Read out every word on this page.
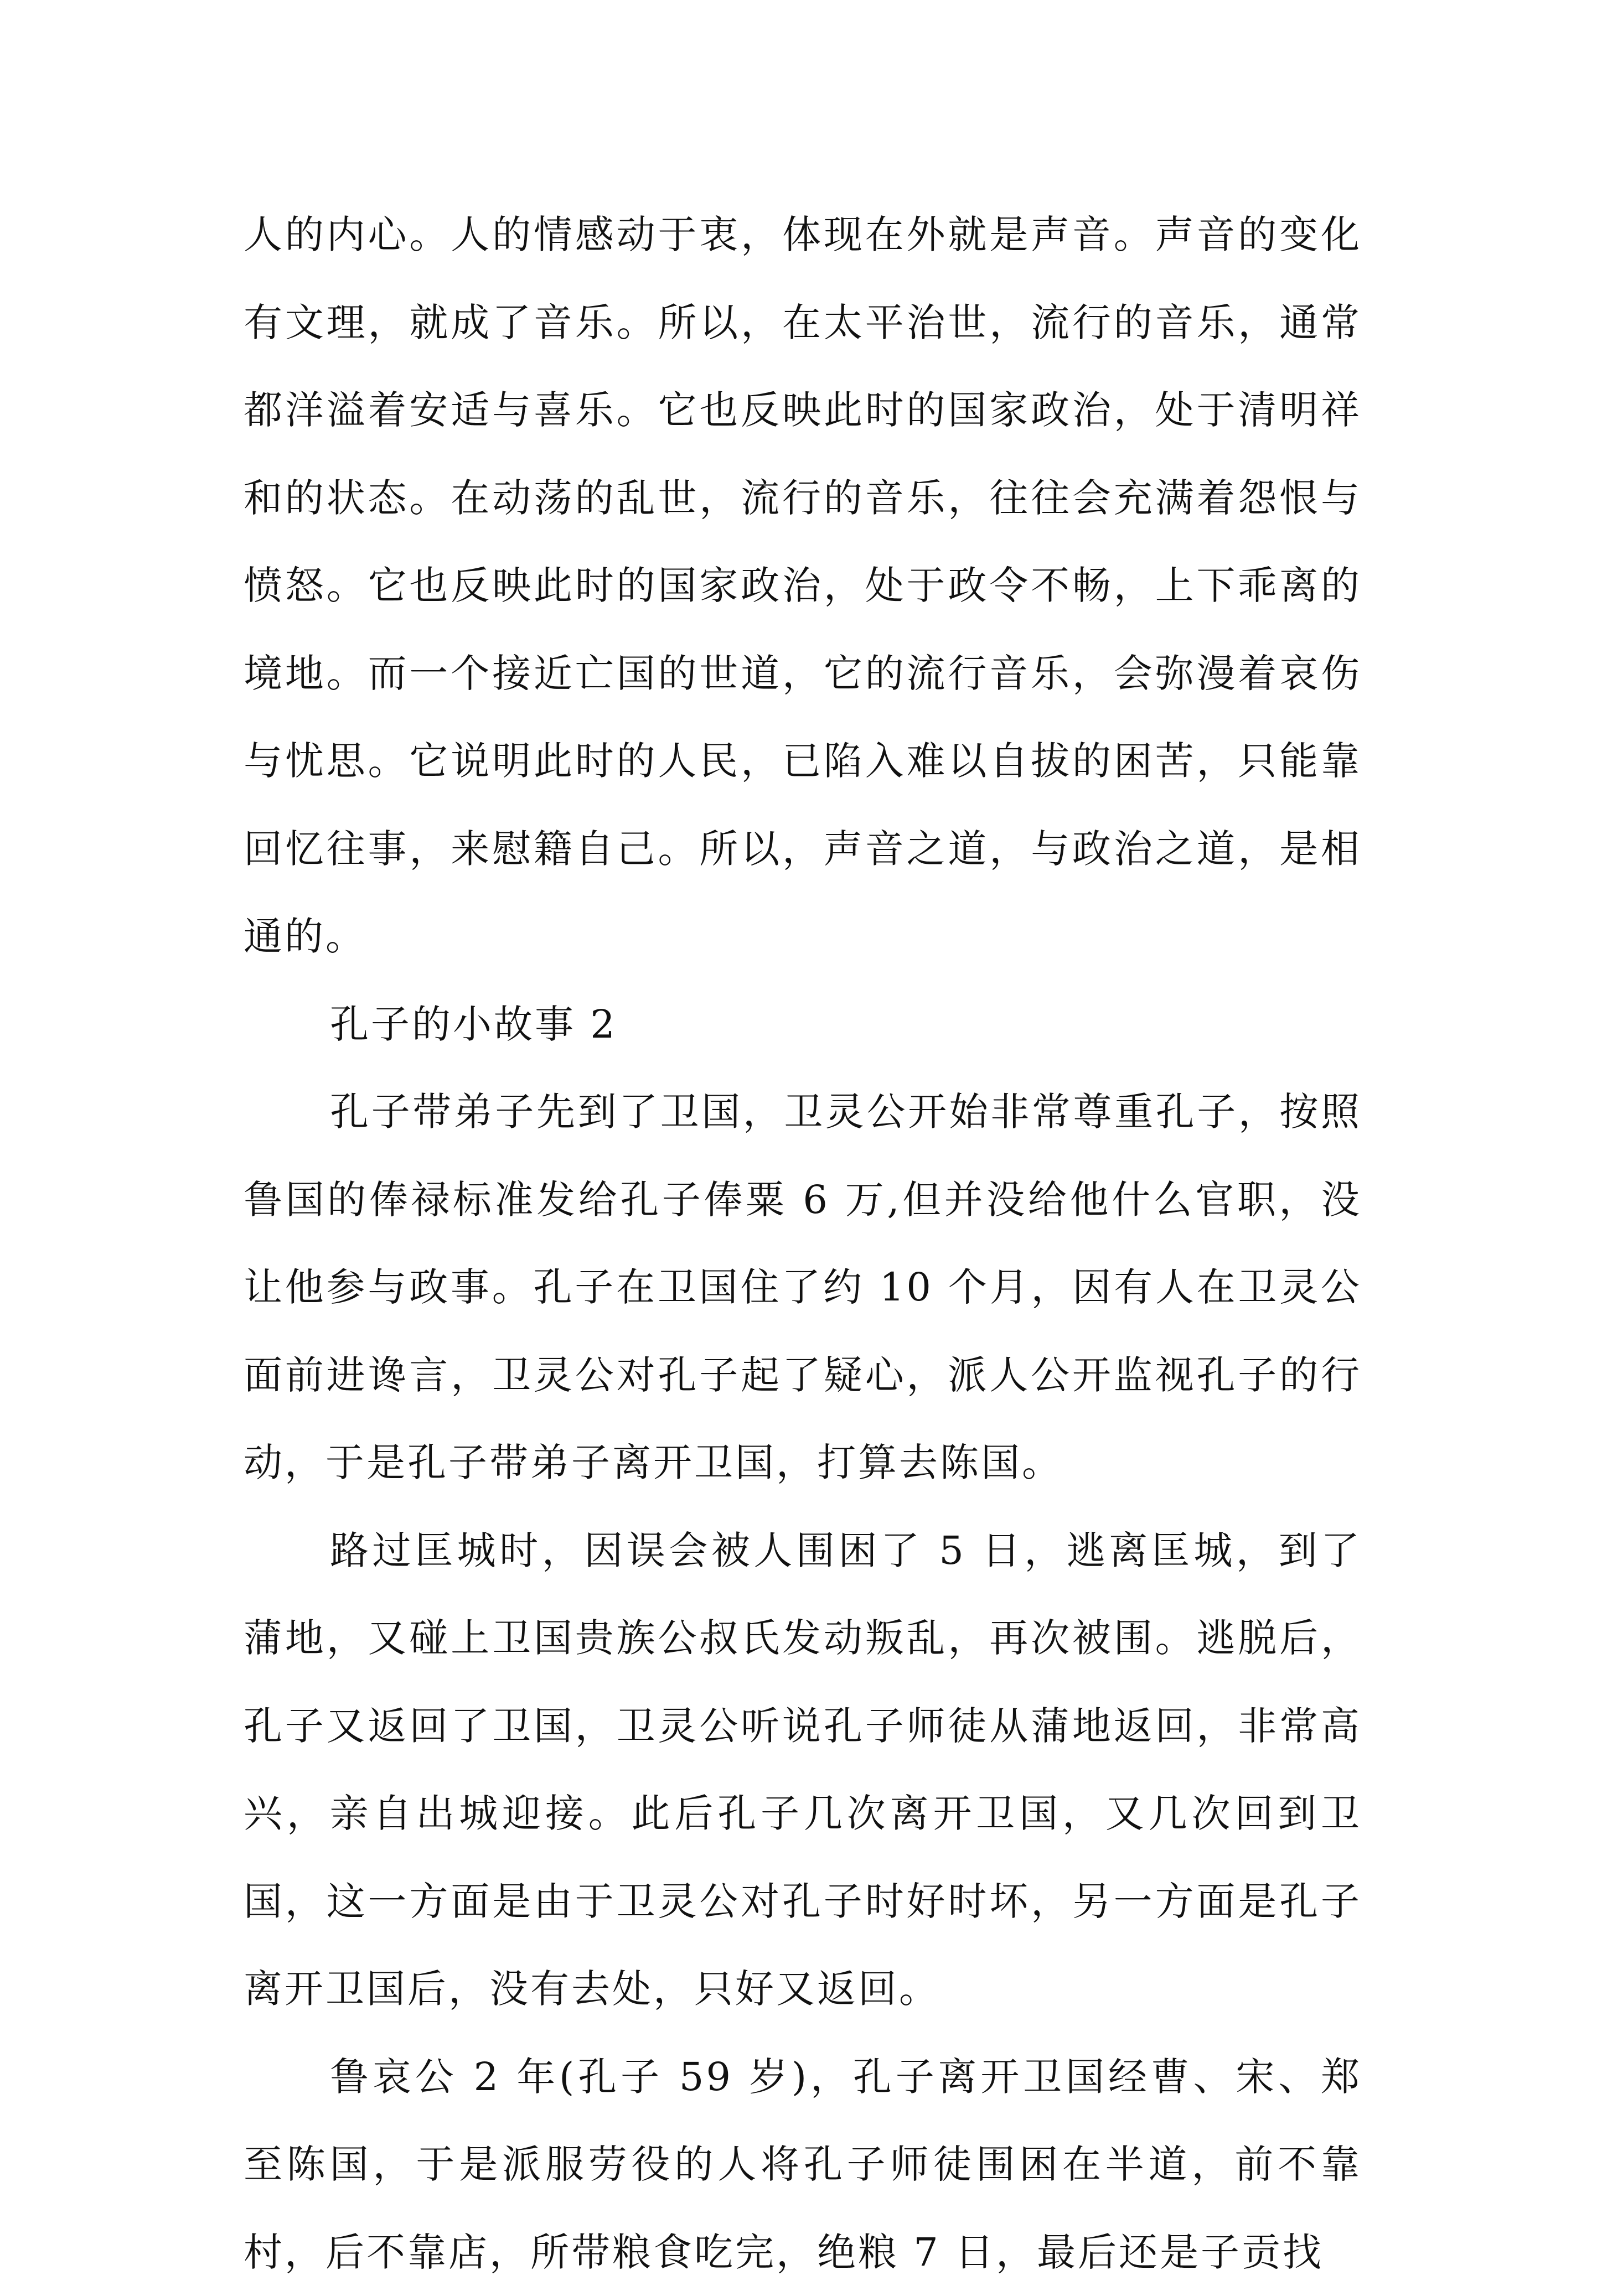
人的内心。人的情感动于衷，体现在外就是声音。声音的变化有文理，就成了音乐。所以，在太平治世，流行的音乐，通常都洋溢着安适与喜乐。它也反映此时的国家政治，处于清明祥和的状态。在动荡的乱世，流行的音乐，往往会充满着怨恨与愤怒。它也反映此时的国家政治，处于政令不畅，上下乖离的境地。而一个接近亡国的世道，它的流行音乐，会弥漫着哀伤与忧思。它说明此时的人民，已陷入难以自拔的困苦，只能靠回忆往事，来慰籍自己。所以，声音之道，与政治之道，是相通的。

孔子的小故事 2

孔子带弟子先到了卫国，卫灵公开始非常尊重孔子，按照鲁国的俸禄标准发给孔子俸粟 6 万,但并没给他什么官职，没让他参与政事。孔子在卫国住了约 10 个月，因有人在卫灵公面前进谗言，卫灵公对孔子起了疑心，派人公开监视孔子的行动，于是孔子带弟子离开卫国，打算去陈国。

路过匡城时，因误会被人围困了 5 日，逃离匡城，到了蒲地，又碰上卫国贵族公叔氏发动叛乱，再次被围。逃脱后，孔子又返回了卫国，卫灵公听说孔子师徒从蒲地返回，非常高兴，亲自出城迎接。此后孔子几次离开卫国，又几次回到卫国，这一方面是由于卫灵公对孔子时好时坏，另一方面是孔子离开卫国后，没有去处，只好又返回。

鲁哀公 2 年(孔子 59 岁)，孔子离开卫国经曹、宋、郑至陈国，于是派服劳役的人将孔子师徒围困在半道，前不靠村，后不靠店，所带粮食吃完，绝粮 7 日，最后还是子贡找
